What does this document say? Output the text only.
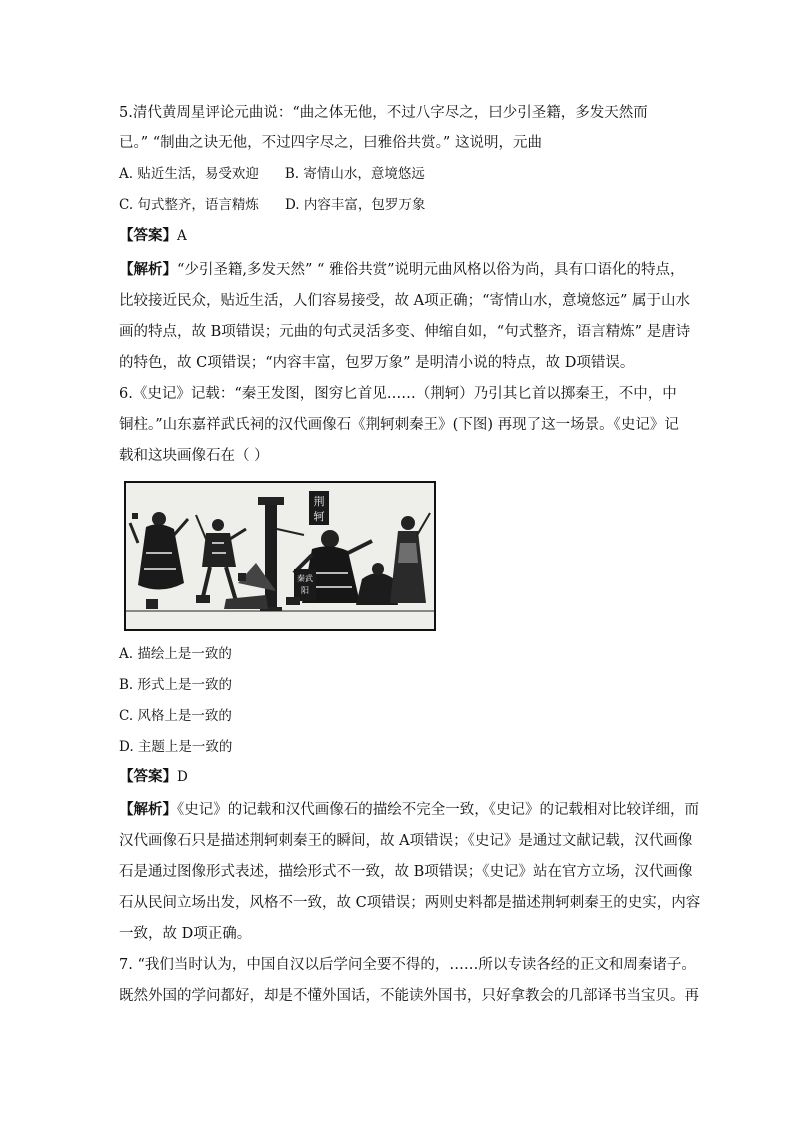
5.清代黄周星评论元曲说：“曲之体无他，不过八字尽之，曰少引圣籍，多发天然而
已。” “制曲之诀无他，不过四字尽之，曰雅俗共赏。” 这说明，元曲
A. 贴近生活，易受欢迎 B. 寄情山水，意境悠远
C. 句式整齐，语言精炼 D. 内容丰富，包罗万象
【答案】A
【解析】“少引圣籍,多发天然” “ 雅俗共赏”说明元曲风格以俗为尚，具有口语化的特点，
比较接近民众，贴近生活，人们容易接受，故 A项正确；“寄情山水，意境悠远” 属于山水
画的特点，故 B项错误；元曲的句式灵活多变、伸缩自如，“句式整齐，语言精炼” 是唐诗
的特色，故 C项错误；“内容丰富，包罗万象” 是明清小说的特点，故 D项错误。
6.《史记》记载：“秦王发图，图穷匕首见……（荆轲）乃引其匕首以掷秦王，不中，中
铜柱。”山东嘉祥武氏祠的汉代画像石《荆轲刺秦王》(下图) 再现了这一场景。《史记》记
载和这块画像石在（ ）
荆
轲
秦武
阳
A. 描绘上是一致的
B. 形式上是一致的
C. 风格上是一致的
D. 主题上是一致的
【答案】D
【解析】《史记》的记载和汉代画像石的描绘不完全一致，《史记》的记载相对比较详细，而
汉代画像石只是描述荆轲刺秦王的瞬间，故 A项错误；《史记》是通过文献记载，汉代画像
石是通过图像形式表述，描绘形式不一致，故 B项错误；《史记》站在官方立场，汉代画像
石从民间立场出发，风格不一致，故 C项错误；两则史料都是描述荆轲刺秦王的史实，内容
一致，故 D项正确。
7. “我们当时认为，中国自汉以后学问全要不得的，……所以专读各经的正文和周秦诸子。
既然外国的学问都好，却是不懂外国话，不能读外国书，只好拿教会的几部译书当宝贝。再
